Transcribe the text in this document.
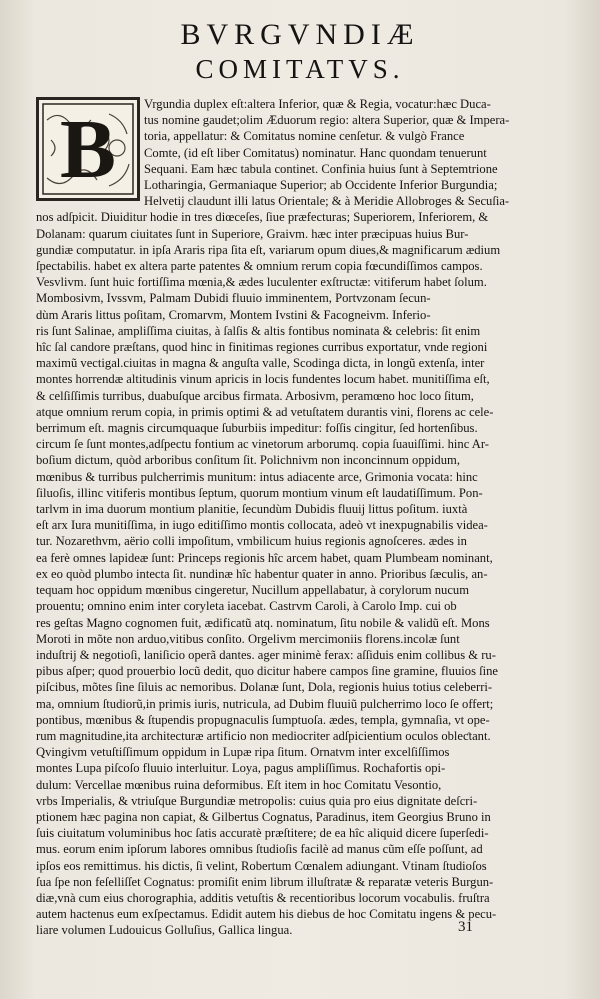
BVRGVNDIÆ
COMITATVS.
B	Vrgundia duplex eſt:altera Inferior, quæ & Regia, vocatur:hæc Duca-
tus nomine gaudet;olim Æduorum regio: altera Superior, quæ & Impera-
toria, appellatur: & Comitatus nomine cenſetur. & vulgò France
Comte, (id eſt liber Comitatus) nominatur. Hanc quondam tenuerunt
Sequani. Eam hæc tabula continet. Confinia huius ſunt à Septemtrione
Lotharingia, Germaniaque Superior; ab Occidente Inferior Burgundia;
Helvetij claudunt illi latus Orientale; & à Meridie Allobroges & Secuſia-
nos adſpicit. Diuiditur hodie in tres diœceſes, ſiue præfecturas; Superiorem, Inferiorem, &
Dolanam: quarum ciuitates ſunt in Superiore, Graivm. hæc inter præcipuas huius Bur-
gundiæ computatur. in ipſa Araris ripa ſita eſt, variarum opum diues,& magnificarum ædium
ſpectabilis. habet ex altera parte patentes & omnium rerum copia fœcundiſſimos campos.
Vesvlivm. ſunt huic fortiſſima mœnia,& ædes luculenter exſtructæ: vitiferum habet ſolum.
Mombosivm, Ivssvm, Palmam Dubidi fluuio imminentem, Portvzonam ſecun-
dùm Araris littus poſitam, Cromarvm, Montem Ivstini & Facogneivm. Inferio-
ris ſunt Salinae, ampliſſima ciuitas, à ſalſis & altis fontibus nominata & celebris: ſit enim
hîc ſal candore præſtans, quod hinc in finitimas regiones curribus exportatur, vnde regioni
maximũ vectigal.ciuitas in magna & anguſta valle, Scodinga dicta, in longũ extenſa, inter
montes horrendæ altitudinis vinum apricis in locis fundentes locum habet. munitiſſima eſt,
& celſiſſimis turribus, duabuſque arcibus firmata. Arbosivm, peramœno hoc loco ſitum,
atque omnium rerum copia, in primis optimi & ad vetuſtatem durantis vini, florens ac cele-
berrimum eſt. magnis circumquaque ſuburbiis impeditur: foſſis cingitur, ſed hortenſibus.
circum ſe ſunt montes,adſpectu fontium ac vinetorum arborumq. copia ſuauiſſimi. hinc Ar-
boſium dictum, quòd arboribus conſitum ſit. Polichnivm non inconcinnum oppidum,
mœnibus & turribus pulcherrimis munitum: intus adiacente arce, Grimonia vocata: hinc
ſiluoſis, illinc vitiferis montibus ſeptum, quorum montium vinum eſt laudatiſſimum. Pon-
tarlvm in ima duorum montium planitie, ſecundùm Dubidis fluuij littus poſitum. iuxtà
eſt arx Iura munitiſſima, in iugo editiſſimo montis collocata, adeò vt inexpugnabilis videa-
tur. Nozarethvm, aërio colli impoſitum, vmbilicum huius regionis agnoſceres. ædes in
ea ferè omnes lapideæ ſunt: Princeps regionis hîc arcem habet, quam Plumbeam nominant,
ex eo quòd plumbo intecta ſit. nundinæ hîc habentur quater in anno. Prioribus ſæculis, an-
tequam hoc oppidum mœnibus cingeretur, Nucillum appellabatur, à corylorum nucum
prouentu; omnino enim inter coryleta iacebat. Castrvm Caroli, à Carolo Imp. cui ob
res geſtas Magno cognomen fuit, ædificatũ atq. nominatum, ſitu nobile & validũ eſt. Mons
Moroti in mõte non arduo,vitibus conſito. Orgelivm mercimoniis florens.incolæ ſunt
induſtrij & negotioſi, laniſicio operã dantes. ager minimè ferax: aſſiduis enim collibus & ru-
pibus aſper; quod prouerbio locũ dedit, quo dicitur habere campos ſine gramine, fluuios ſine
piſcibus, mõtes ſine ſiluis ac nemoribus. Dolanæ ſunt, Dola, regionis huius totius celeberri-
ma, omnium ſtudiorũ,in primis iuris, nutricula, ad Dubim fluuiũ pulcherrimo loco ſe offert;
pontibus, mœnibus & ſtupendis propugnaculis ſumptuoſa. ædes, templa, gymnaſia, vt ope-
rum magnitudine,ita architecturæ artificio non mediocriter adſpicientium oculos obleƈtant.
Qvingivm vetuſtiſſimum oppidum in Lupæ ripa ſitum. Ornatvm inter excelſiſſimos
montes Lupa piſcoſo fluuio interluitur. Loya, pagus ampliſſimus. Rochafortis opi-
dulum: Vercellae mœnibus ruina deformibus. Eſt item in hoc Comitatu Vesontio,
vrbs Imperialis, & vtriuſque Burgundiæ metropolis: cuius quia pro eius dignitate deſcri-
ptionem hæc pagina non capiat, & Gilbertus Cognatus, Paradinus, item Georgius Bruno in
ſuis ciuitatum voluminibus hoc ſatis accuratè præſtitere; de ea hîc aliquid dicere ſuperſedi-
mus. eorum enim ipſorum labores omnibus ſtudioſis facilè ad manus cũm eſſe poſſunt, ad
ipſos eos remittimus. his dictis, ſi velint, Robertum Cœnalem adiungant. Vtinam ſtudioſos
ſua ſpe non feſelliſſet Cognatus: promiſit enim librum illuſtratæ & reparatæ veteris Burgun-
diæ,vnà cum eius chorographia, additis vetuſtis & recentioribus locorum vocabulis. fruſtra
autem hactenus eum exſpectamus. Edidit autem his diebus de hoc Comitatu ingens & pecu-
liare volumen Ludouicus Golluſius, Gallica lingua.	31
